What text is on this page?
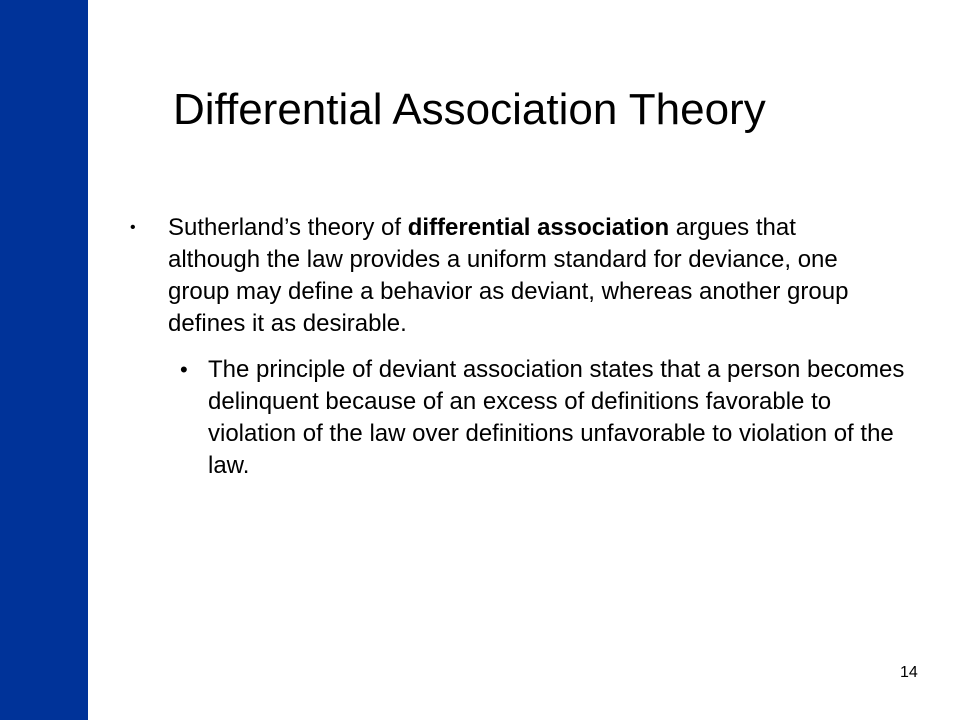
Differential Association Theory
• Sutherland’s theory of differential association argues that although the law provides a uniform standard for deviance, one group may define a behavior as deviant, whereas another group defines it as desirable.
• The principle of deviant association states that a person becomes delinquent because of an excess of definitions favorable to violation of the law over definitions unfavorable to violation of the law.
14
